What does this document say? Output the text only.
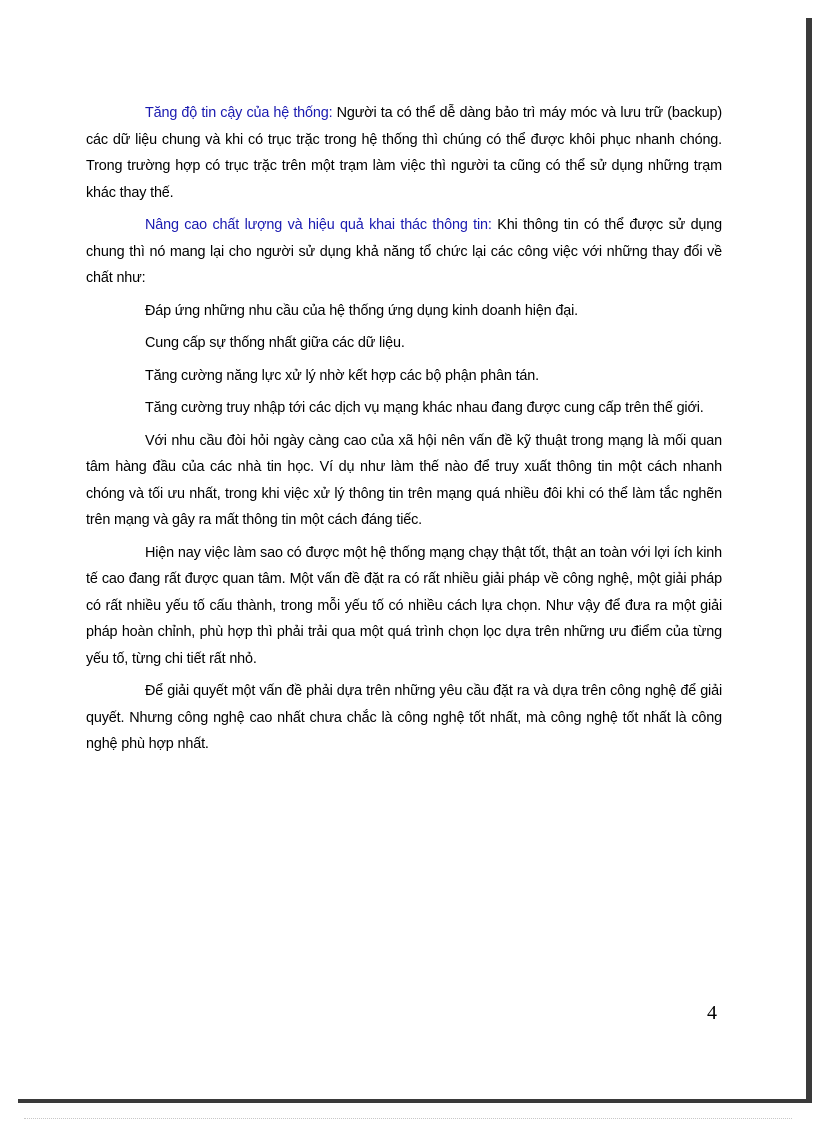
Tăng độ tin cậy của hệ thống: Người ta có thể dễ dàng bảo trì máy móc và lưu trữ (backup) các dữ liệu chung và khi có trục trặc trong hệ thống thì chúng có thể được khôi phục nhanh chóng. Trong trường hợp có trục trặc trên một trạm làm việc thì người ta cũng có thể sử dụng những trạm khác thay thế.

Nâng cao chất lượng và hiệu quả khai thác thông tin: Khi thông tin có thể được sử dụng chung thì nó mang lại cho người sử dụng khả năng tổ chức lại các công việc với những thay đổi về chất như:

Đáp ứng những nhu cầu của hệ thống ứng dụng kinh doanh hiện đại.

Cung cấp sự thống nhất giữa các dữ liệu.

Tăng cường năng lực xử lý nhờ kết hợp các bộ phận phân tán.

Tăng cường truy nhập tới các dịch vụ mạng khác nhau đang được cung cấp trên thế giới.

Với nhu cầu đòi hỏi ngày càng cao của xã hội nên vấn đề kỹ thuật trong mạng là mối quan tâm hàng đầu của các nhà tin học. Ví dụ như làm thế nào để truy xuất thông tin một cách nhanh chóng và tối ưu nhất, trong khi việc xử lý thông tin trên mạng quá nhiều đôi khi có thể làm tắc nghẽn trên mạng và gây ra mất thông tin một cách đáng tiếc.

Hiện nay việc làm sao có được một hệ thống mạng chạy thật tốt, thật an toàn với lợi ích kinh tế cao đang rất được quan tâm. Một vấn đề đặt ra có rất nhiều giải pháp về công nghệ, một giải pháp có rất nhiều yếu tố cấu thành, trong mỗi yếu tố có nhiều cách lựa chọn. Như vậy để đưa ra một giải pháp hoàn chỉnh, phù hợp thì phải trải qua một quá trình chọn lọc dựa trên những ưu điểm của từng yếu tố, từng chi tiết rất nhỏ.

Để giải quyết một vấn đề phải dựa trên những yêu cầu đặt ra và dựa trên công nghệ để giải quyết. Nhưng công nghệ cao nhất chưa chắc là công nghệ tốt nhất, mà công nghệ tốt nhất là công nghệ phù hợp nhất.

4
